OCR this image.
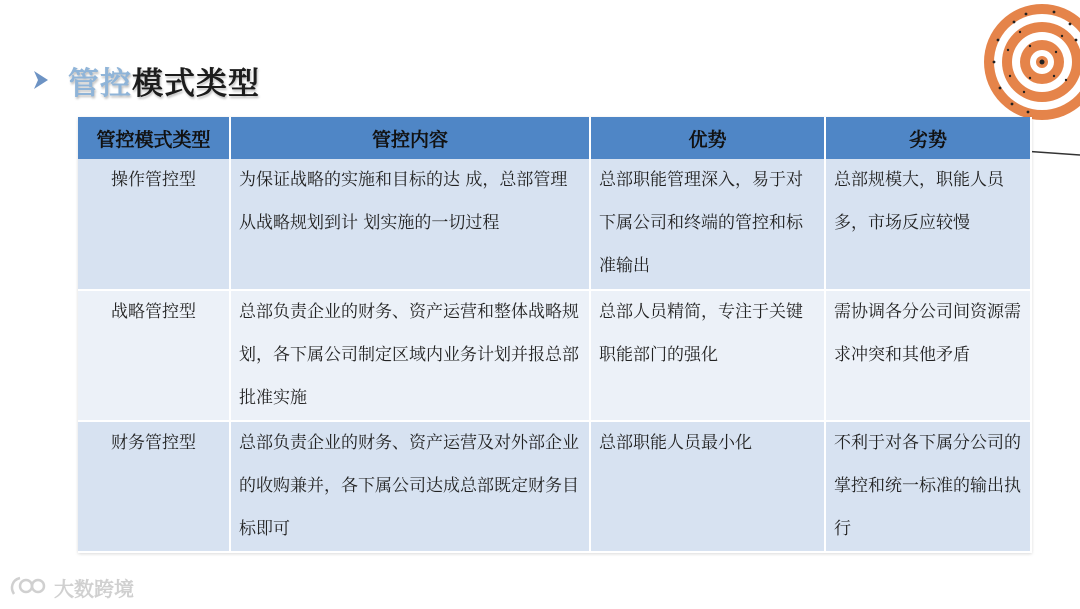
管控模式类型
管控模式类型	管控内容	优势	劣势
操作管控型	为保证战略的实施和目标的达 成，总部管理从战略规划到计 划实施的一切过程	总部职能管理深入，易于对下属公司和终端的管控和标准输出	总部规模大，职能人员多，市场反应较慢
战略管控型	总部负责企业的财务、资产运营和整体战略规划，各下属公司制定区域内业务计划并报总部批准实施	总部人员精简，专注于关键职能部门的强化	需协调各分公司间资源需求冲突和其他矛盾
财务管控型	总部负责企业的财务、资产运营及对外部企业的收购兼并，各下属公司达成总部既定财务目标即可	总部职能人员最小化	不利于对各下属分公司的掌控和统一标准的输出执行
大数跨境
